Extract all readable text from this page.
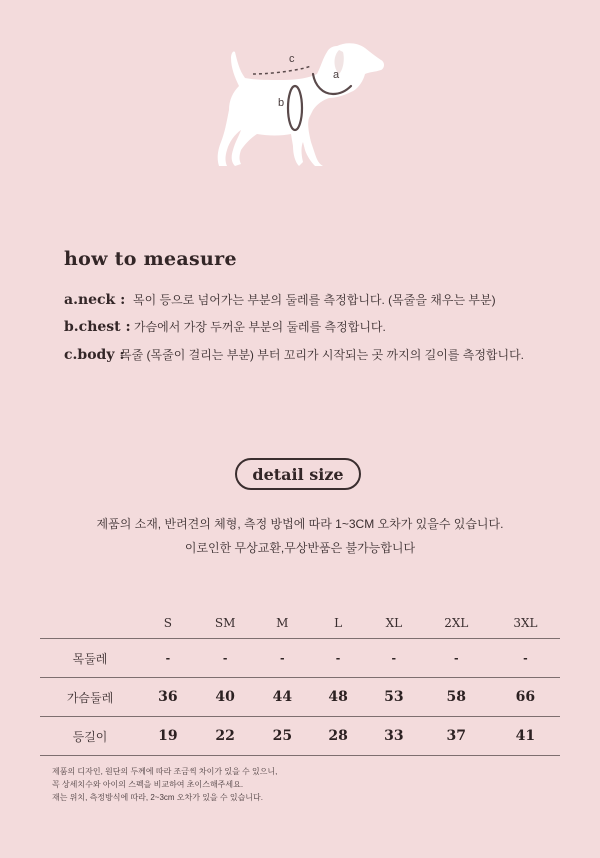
c
a
b
how to measure
a.neck : 목이 등으로 넘어가는 부분의 둘레를 측정합니다. (목줄을 채우는 부분)
b.chest : 가슴에서 가장 두꺼운 부분의 둘레를 측정합니다.
c.body :
목줄 (목줄이 걸리는 부분) 부터 꼬리가 시작되는 곳 까지의 길이를 측정합니다.
detail size
제품의 소재, 반려견의 체형, 측정 방법에 따라 1~3CM 오차가 있을수 있습니다.
이로인한 무상교환,무상반품은 불가능합니다
	S	SM	M	L	XL	2XL	3XL
목둘레	-	-	-	-	-	-	-
가슴둘레	36	40	44	48	53	58	66
등길이	19	22	25	28	33	37	41
제품의 디자인, 원단의 두께에 따라 조금씩 차이가 있을 수 있으니,
꼭 상세치수와 아이의 스펙을 비교하여 초이스해주세요.
재는 위치, 측정방식에 따라, 2~3cm 오차가 있을 수 있습니다.
